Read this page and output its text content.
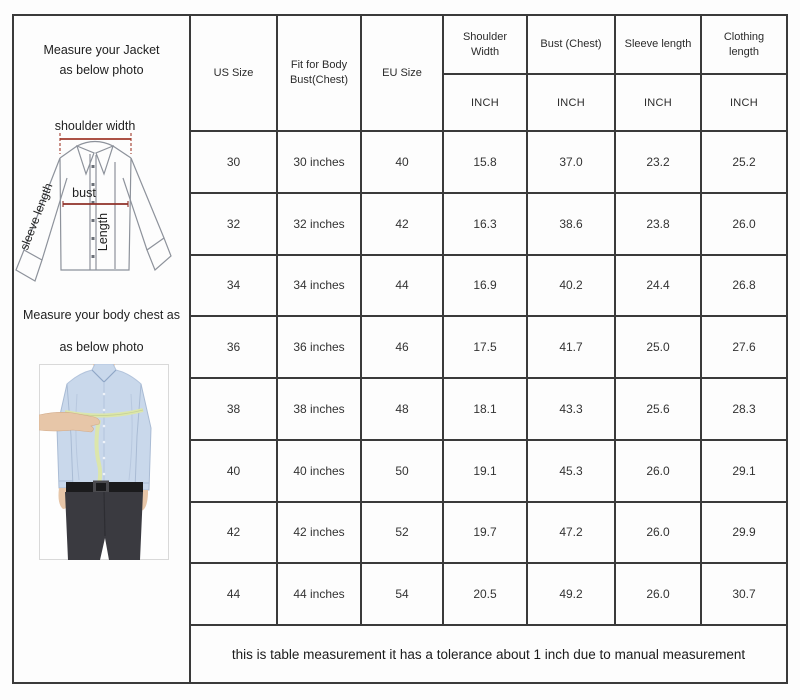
Measure your Jacket
as below photo
shoulder width
bust
Length
sleeve length
Measure your body chest as
as below photo
US Size	Fit for Body Bust(Chest)	EU Size	Shoulder Width	Bust (Chest)	Sleeve length	Clothing length
			INCH	INCH	INCH	INCH
30	30 inches	40	15.8	37.0	23.2	25.2
32	32 inches	42	16.3	38.6	23.8	26.0
34	34 inches	44	16.9	40.2	24.4	26.8
36	36 inches	46	17.5	41.7	25.0	27.6
38	38 inches	48	18.1	43.3	25.6	28.3
40	40 inches	50	19.1	45.3	26.0	29.1
42	42 inches	52	19.7	47.2	26.0	29.9
44	44 inches	54	20.5	49.2	26.0	30.7
this is table measurement it has a tolerance about 1 inch due to manual measurement						
